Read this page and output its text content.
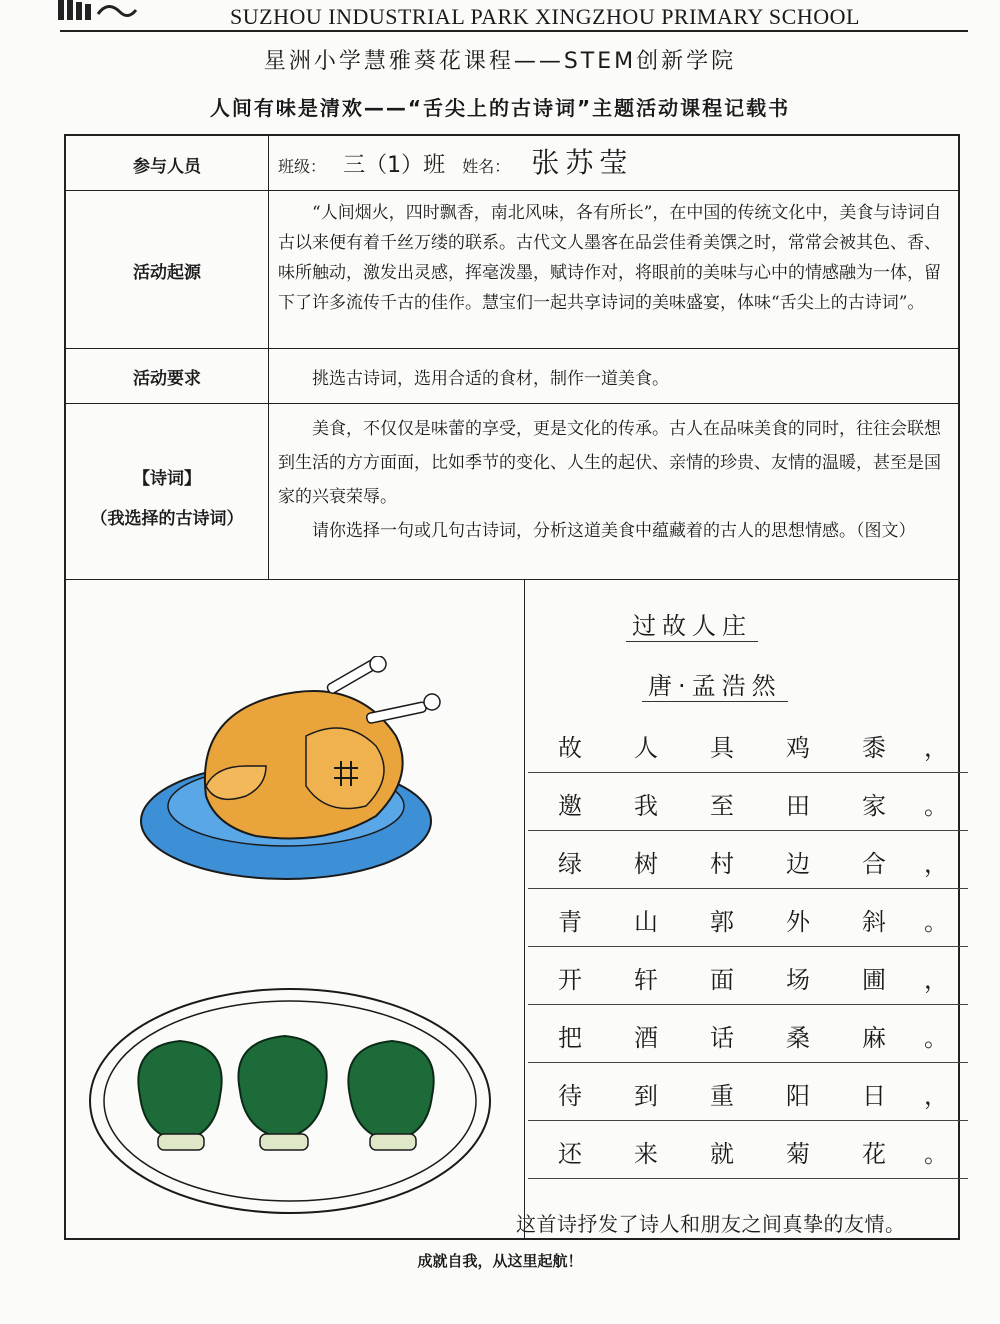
SUZHOU INDUSTRIAL PARK XINGZHOU PRIMARY SCHOOL
星洲小学慧雅葵花课程——STEM创新学院
人间有味是清欢——“舌尖上的古诗词”主题活动课程记载书
参与人员	班级： 三（1）班 姓名： 张苏莹
活动起源

“人间烟火，四时飘香，南北风味，各有所长”，在中国的传统文化中，美食与诗词自古以来便有着千丝万缕的联系。古代文人墨客在品尝佳肴美馔之时，常常会被其色、香、味所触动，激发出灵感，挥毫泼墨，赋诗作对，将眼前的美味与心中的情感融为一体，留下了许多流传千古的佳作。慧宝们一起共享诗词的美味盛宴，体味“舌尖上的古诗词”。

活动要求	挑选古诗词，选用合适的食材，制作一道美食。

【诗词】
（我选择的古诗词）

美食，不仅仅是味蕾的享受，更是文化的传承。古人在品味美食的同时，往往会联想到生活的方方面面，比如季节的变化、人生的起伏、亲情的珍贵、友情的温暖，甚至是国家的兴衰荣辱。

请你选择一句或几句古诗词，分析这道美食中蕴藏着的古人的思想情感。（图文）

过故人庄
唐·孟浩然
故 人 具 鸡 黍 ，
邀 我 至 田 家 。
绿 树 村 边 合 ，
青 山 郭 外 斜 。
开 轩 面 场 圃 ，
把 酒 话 桑 麻 。
待 到 重 阳 日 ，
还 来 就 菊 花 。
这首诗抒发了诗人和朋友之间真挚的友情。
成就自我，从这里起航！
